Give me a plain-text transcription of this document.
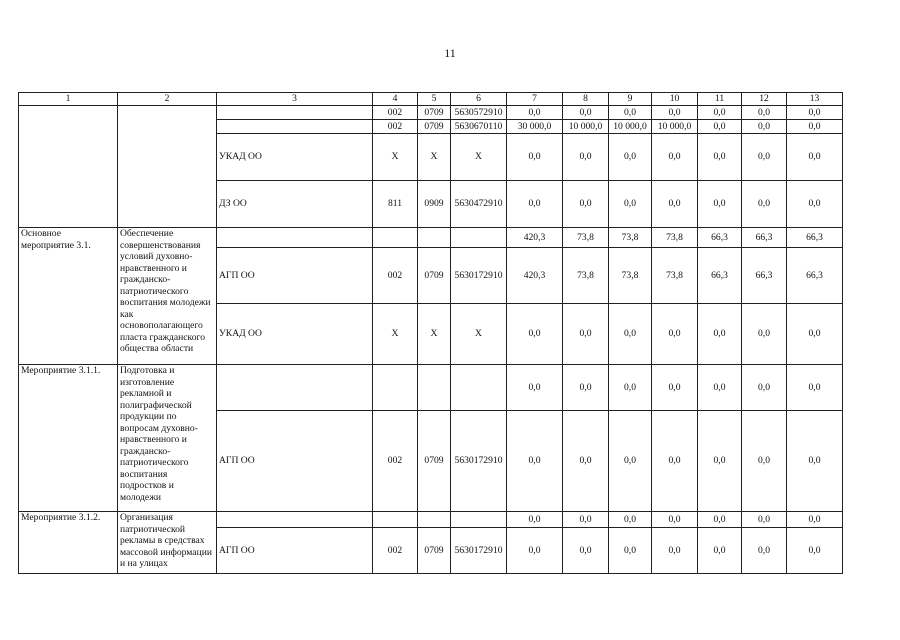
11
1	2	3	4	5	6	7	8	9	10	11	12	13
			002	0709	5630572910	0,0	0,0	0,0	0,0	0,0	0,0	0,0
			002	0709	5630670110	30 000,0	10 000,0	10 000,0	10 000,0	0,0	0,0	0,0
		УКАД ОО	X	X	X	0,0	0,0	0,0	0,0	0,0	0,0	0,0
		ДЗ ОО	811	0909	5630472910	0,0	0,0	0,0	0,0	0,0	0,0	0,0
Основное мероприятие 3.1.	Обеспечение совершенствования условий духовно-нравственного и гражданско-патриотического воспитания молодежи как основополагающего пласта гражданского общества области					420,3	73,8	73,8	73,8	66,3	66,3	66,3
		АГП ОО	002	0709	5630172910	420,3	73,8	73,8	73,8	66,3	66,3	66,3
		УКАД ОО	X	X	X	0,0	0,0	0,0	0,0	0,0	0,0	0,0
Мероприятие 3.1.1.	Подготовка и изготовление рекламной и полиграфической продукции по вопросам духовно-нравственного и гражданско-патриотического воспитания подростков и молодежи					0,0	0,0	0,0	0,0	0,0	0,0	0,0
		АГП ОО	002	0709	5630172910	0,0	0,0	0,0	0,0	0,0	0,0	0,0
Мероприятие 3.1.2.	Организация патриотической рекламы в средствах массовой информации и на улицах					0,0	0,0	0,0	0,0	0,0	0,0	0,0
		АГП ОО	002	0709	5630172910	0,0	0,0	0,0	0,0	0,0	0,0	0,0
